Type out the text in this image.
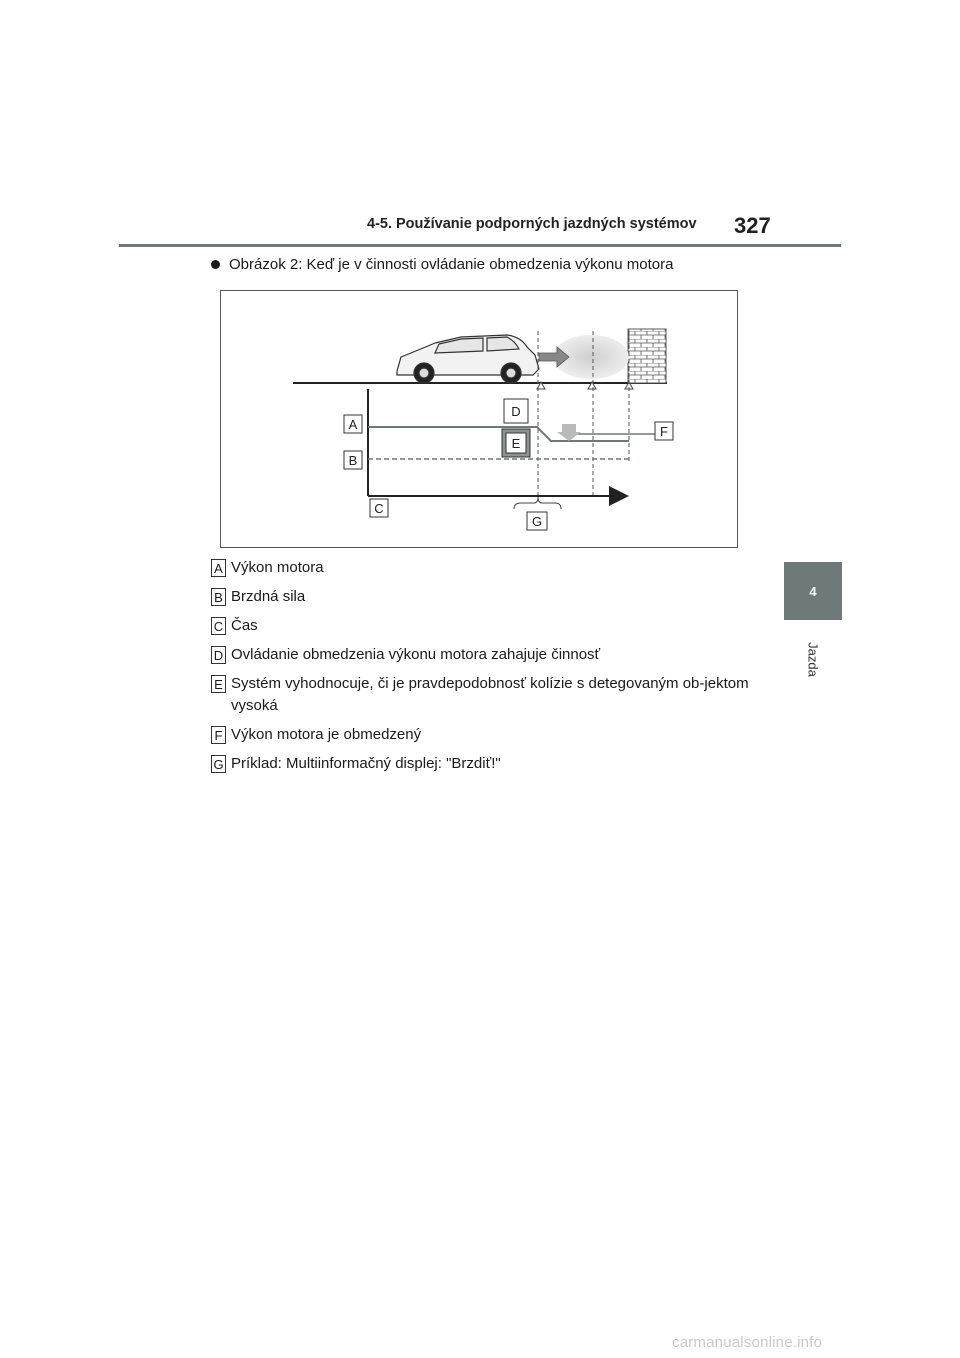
4-5. Používanie podporných jazdných systémov 327
4
Jazda
Obrázok 2: Keď je v činnosti ovládanie obmedzenia výkonu motora
A
B
C
D
E
F
G
A Výkon motora
B Brzdná sila
C Čas
D Ovládanie obmedzenia výkonu motora zahajuje činnosť
E Systém vyhodnocuje, či je pravdepodobnosť kolízie s detegovaným ob-jektom vysoká
F Výkon motora je obmedzený
G Príklad: Multiinformačný displej: "Brzdiť!"
carmanualsonline.info
